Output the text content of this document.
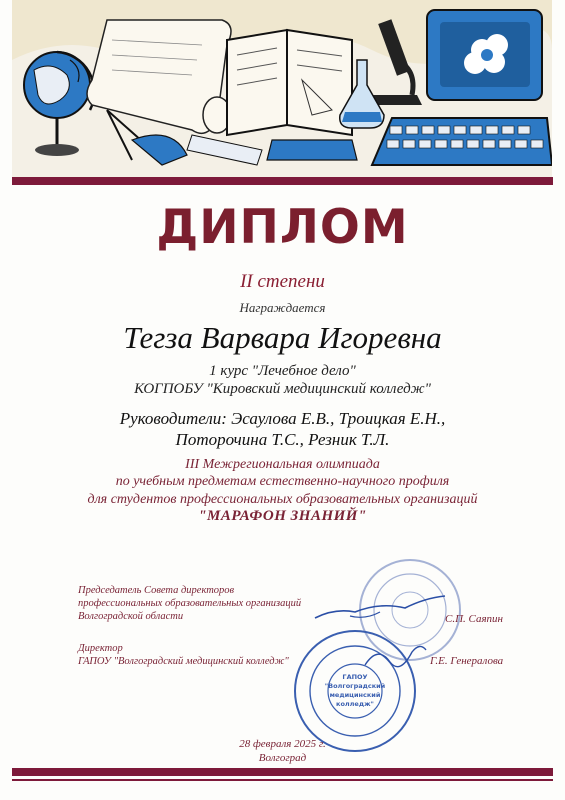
ДИПЛОМ
II степени
Награждается
Тегза Варвара Игоревна
1 курс "Лечебное дело"
КОГПОБУ "Кировский медицинский колледж"
Руководители: Эсаулова Е.В., Троицкая Е.Н.,
Поторочина Т.С., Резник Т.Л.
III Межрегиональная олимпиада
по учебным предметам естественно-научного профиля
для студентов профессиональных образовательных организаций
"МАРАФОН ЗНАНИЙ"
ГАПОУ
"Волгоградский
медицинский
колледж"
Председатель Совета директоров
профессиональных образовательных организаций
Волгоградской области	С.П. Саяпин
Директор
ГАПОУ "Волгоградский медицинский колледж"	Г.Е. Генералова
28 февраля 2025 г.
Волгоград
